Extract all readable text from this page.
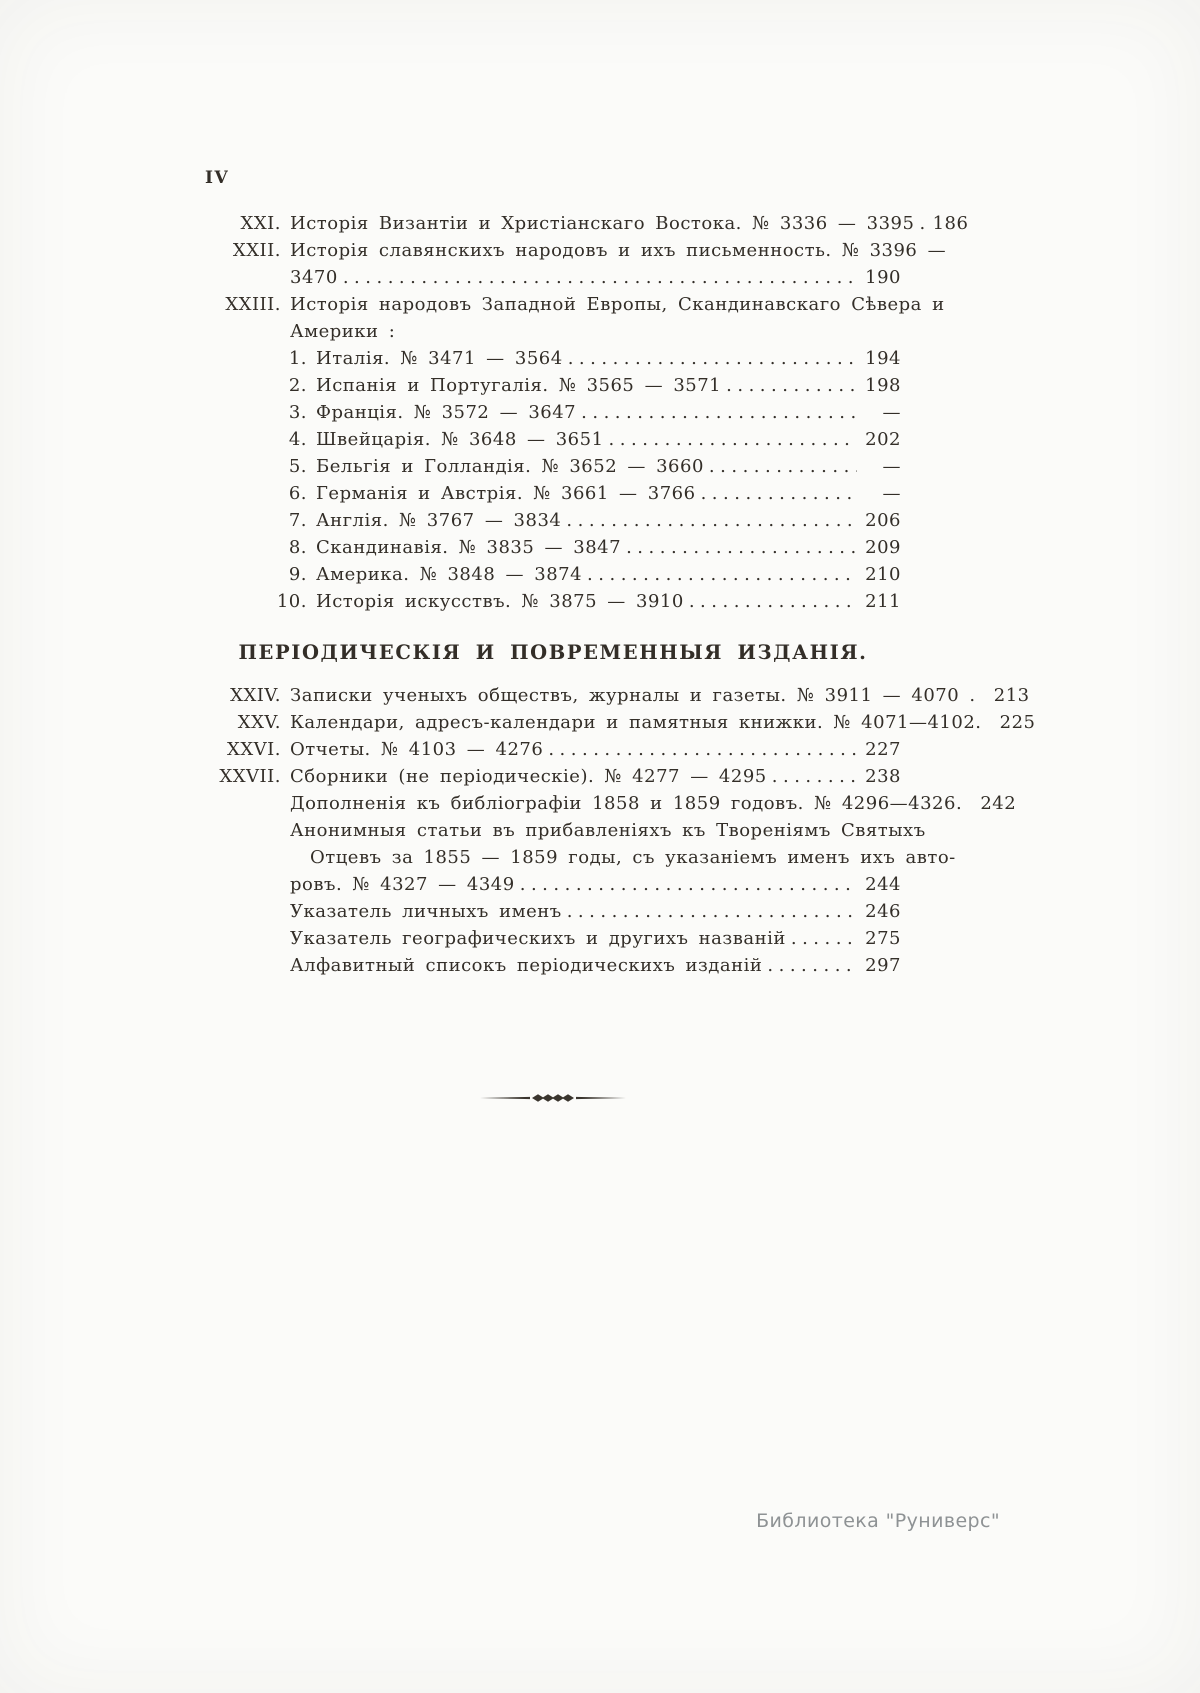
IV
XXI. Исторія Византіи и Христіанскаго Востока. № 3336 — 3395 .....	186
XXII. Исторія славянскихъ народовъ и ихъ письменность. № 3396 —
3470 .....	190
XXIII. Исторія народовъ Западной Европы, Скандинавскаго Сѣвера и
Америки :
1. Италія. № 3471 — 3564 .....	194
2. Испанія и Португалія. № 3565 — 3571 .....	198
3. Франція. № 3572 — 3647 .....	—
4. Швейцарія. № 3648 — 3651 .....	202
5. Бельгія и Голландія. № 3652 — 3660 .....	—
6. Германія и Австрія. № 3661 — 3766 .....	—
7. Англія. № 3767 — 3834 .....	206
8. Скандинавія. № 3835 — 3847 .....	209
9. Америка. № 3848 — 3874 .....	210
10. Исторія искусствъ. № 3875 — 3910 .....	211
ПЕРІОДИЧЕСКІЯ И ПОВРЕМЕННЫЯ ИЗДАНІЯ.
XXIV. Записки ученыхъ обществъ, журналы и газеты. № 3911 — 4070 .	213
XXV. Календари, адресъ-календари и памятныя книжки. № 4071—4102.	225
XXVI. Отчеты. № 4103 — 4276 .....	227
XXVII. Сборники (не періодическіе). № 4277 — 4295 .....	238
Дополненія къ библіографіи 1858 и 1859 годовъ. № 4296—4326.	242
Анонимныя статьи въ прибавленіяхъ къ Твореніямъ Святыхъ
Отцевъ за 1855 — 1859 годы, съ указаніемъ именъ ихъ авто-
ровъ. № 4327 — 4349 .....	244
Указатель личныхъ именъ .....	246
Указатель географическихъ и другихъ названій .....	275
Алфавитный списокъ періодическихъ изданій .....	297
Библиотека "Руниверс"
